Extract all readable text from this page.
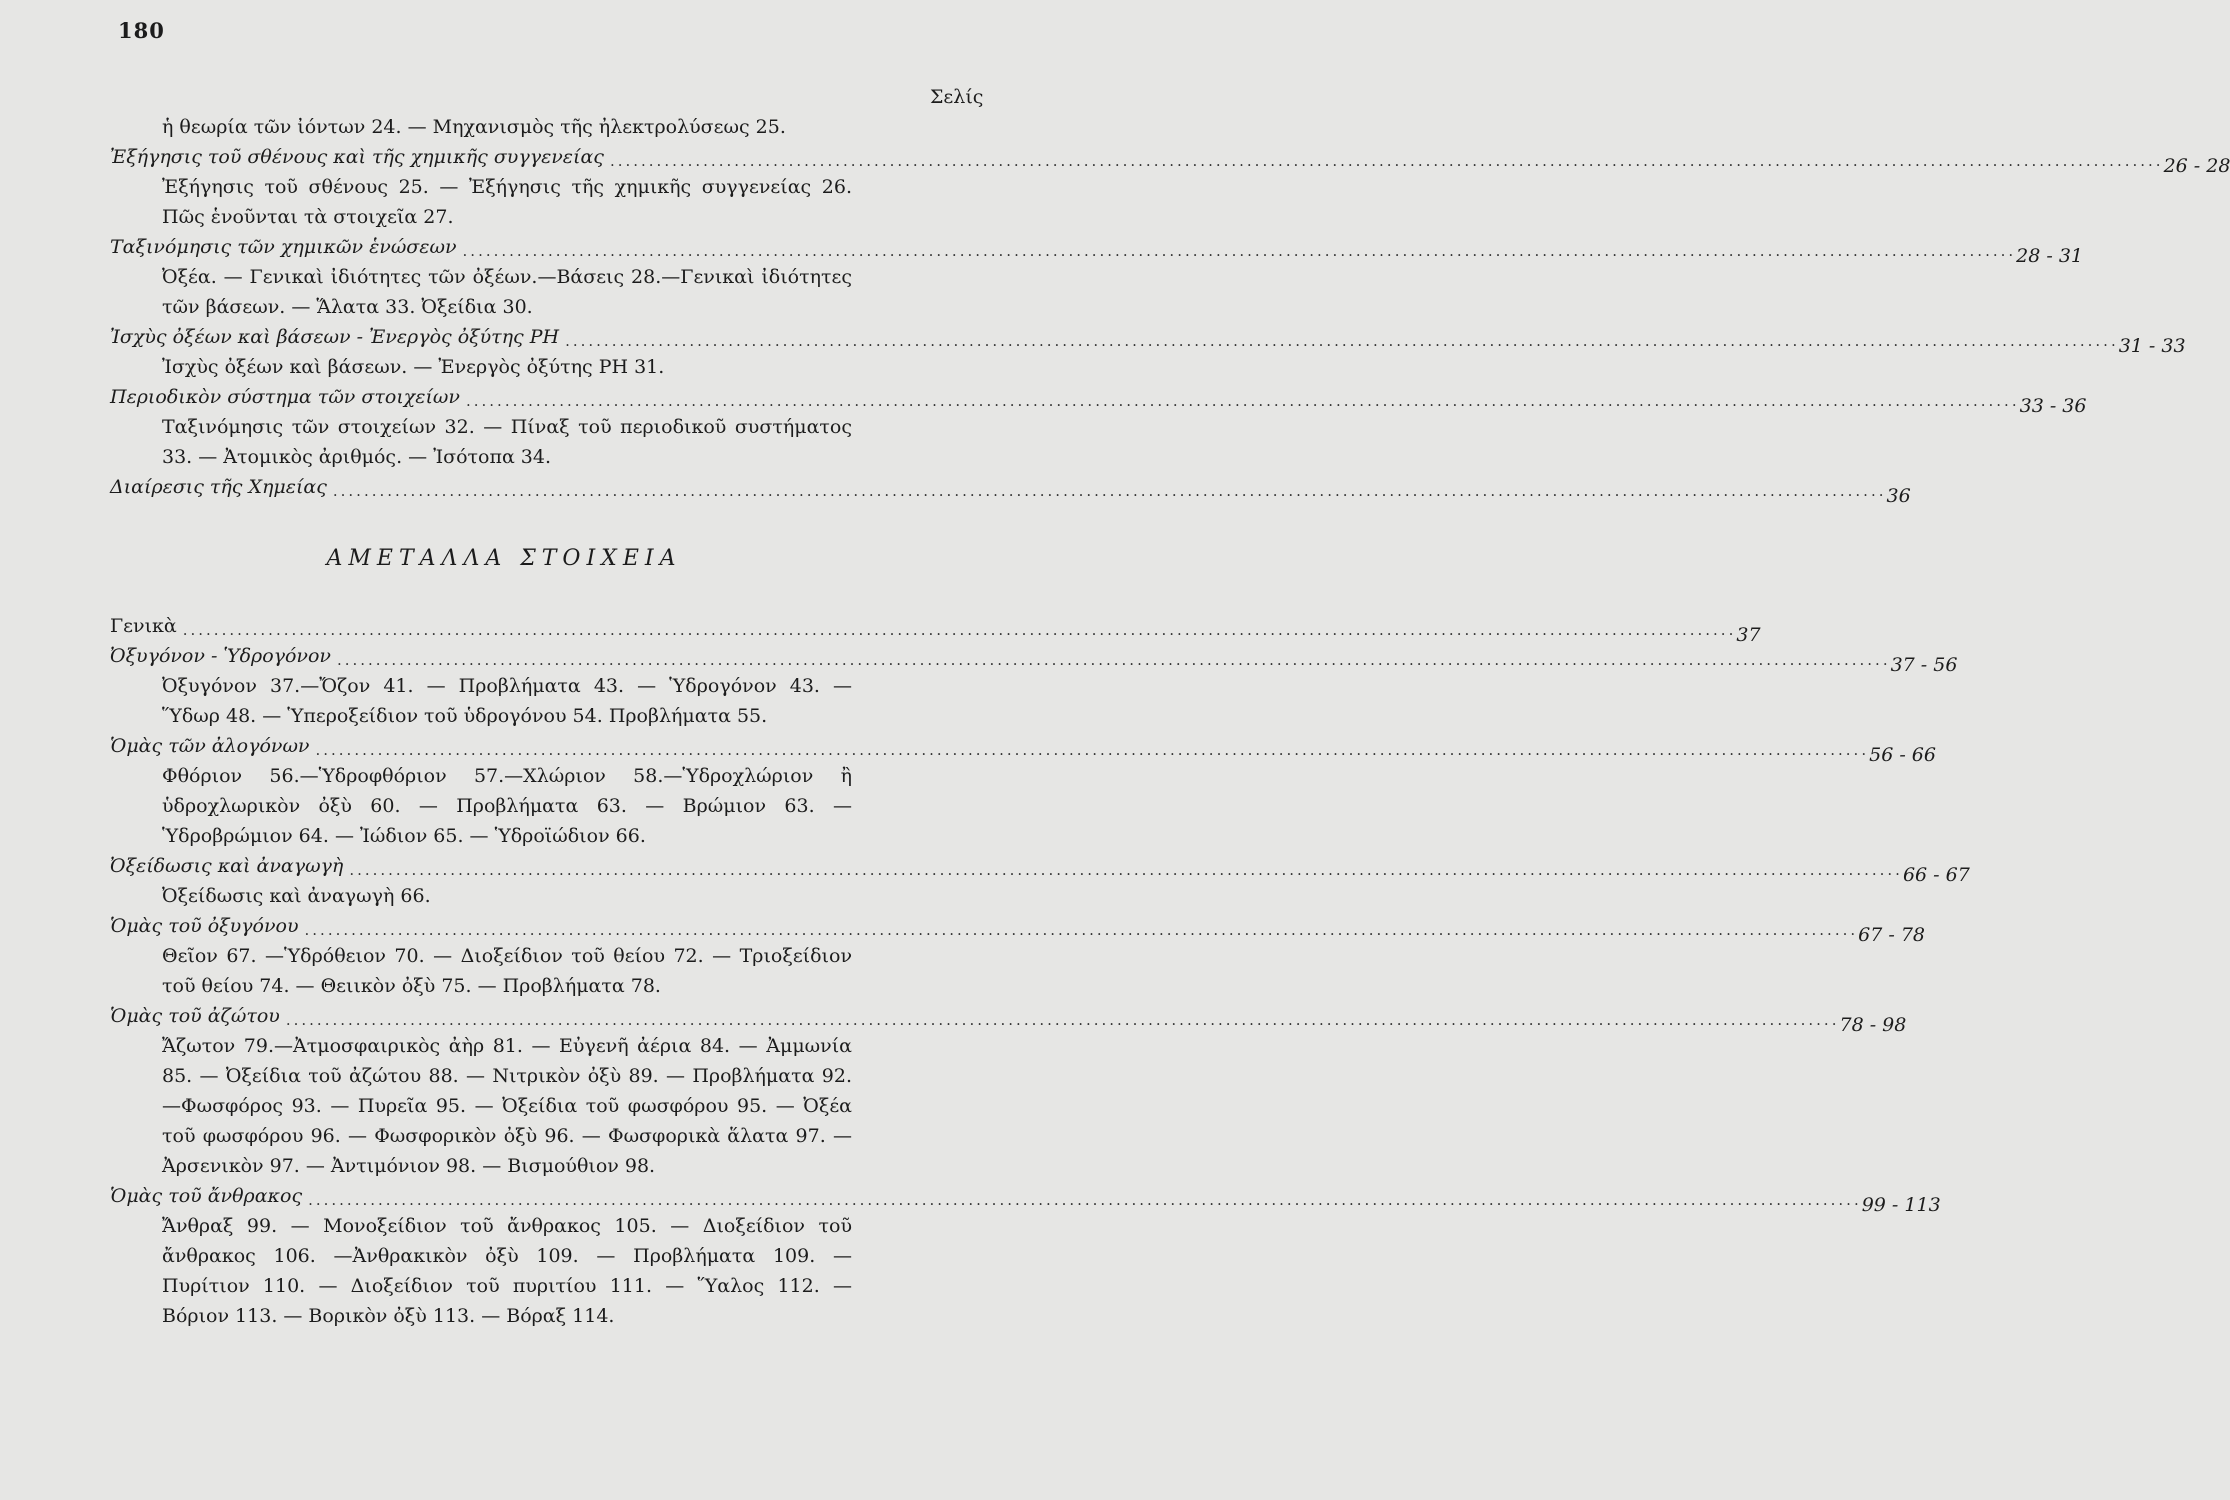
180
Σελίς
ἡ θεωρία τῶν ἰόντων 24. — Μηχανισμὸς τῆς ἠλεκτρολύσεως 25.
Ἐξήγησις τοῦ σθένους καὶ τῆς χημικῆς συγγενείας ........................................................................................................................................................................................................ 26 - 28
Ἐξήγησις τοῦ σθένους 25. — Ἐξήγησις τῆς χημικῆς συγγενείας 26. Πῶς ἑνοῦνται τὰ στοιχεῖα 27.
Ταξινόμησις τῶν χημικῶν ἑνώσεων ........................................................................................................................................................................................................ 28 - 31
Ὀξέα. — Γενικαὶ ἰδιότητες τῶν ὀξέων.—Βάσεις 28.—Γενικαὶ ἰδιότητες τῶν βάσεων. — Ἅλατα 33. Ὀξείδια 30.
Ἰσχὺς ὀξέων καὶ βάσεων - Ἐνεργὸς ὀξύτης PH ........................................................................................................................................................................................................ 31 - 33
Ἰσχὺς ὀξέων καὶ βάσεων. — Ἐνεργὸς ὀξύτης PH 31.
Περιοδικὸν σύστημα τῶν στοιχείων ........................................................................................................................................................................................................ 33 - 36
Ταξινόμησις τῶν στοιχείων 32. — Πίναξ τοῦ περιοδικοῦ συστήματος 33. — Ἀτομικὸς ἀριθμός. — Ἰσότοπα 34.
Διαίρεσις τῆς Χημείας ........................................................................................................................................................................................................ 36
ΑΜΕΤΑΛΛΑ ΣΤΟΙΧΕΙΑ
Γενικὰ ........................................................................................................................................................................................................ 37
Ὀξυγόνον - Ὑδρογόνον ........................................................................................................................................................................................................ 37 - 56
Ὀξυγόνον 37.—Ὄζον 41. — Προβλήματα 43. — Ὑδρογόνον 43. — Ὕδωρ 48. — Ὑπεροξείδιον τοῦ ὑδρογόνου 54. Προβλήματα 55.
Ὁμὰς τῶν ἀλογόνων ........................................................................................................................................................................................................ 56 - 66
Φθόριον 56.—Ὑδροφθόριον 57.—Χλώριον 58.—Ὑδροχλώριον ἢ ὑδροχλωρικὸν ὀξὺ 60. — Προβλήματα 63. — Βρώμιον 63. — Ὑδροβρώμιον 64. — Ἰώδιον 65. — Ὑδροϊώδιον 66.
Ὀξείδωσις καὶ ἀναγωγὴ ........................................................................................................................................................................................................ 66 - 67
Ὀξείδωσις καὶ ἀναγωγὴ 66.
Ὁμὰς τοῦ ὀξυγόνου ........................................................................................................................................................................................................ 67 - 78
Θεῖον 67. —Ὑδρόθειον 70. — Διοξείδιον τοῦ θείου 72. — Τριοξείδιον τοῦ θείου 74. — Θειικὸν ὀξὺ 75. — Προβλήματα 78.
Ὁμὰς τοῦ ἀζώτου ........................................................................................................................................................................................................ 78 - 98
Ἄζωτον 79.—Ἀτμοσφαιρικὸς ἀὴρ 81. — Εὐγενῆ ἀέρια 84. — Ἀμμωνία 85. — Ὀξείδια τοῦ ἀζώτου 88. — Νιτρικὸν ὀξὺ 89. — Προβλήματα 92.—Φωσφόρος 93. — Πυρεῖα 95. — Ὀξείδια τοῦ φωσφόρου 95. — Ὀξέα τοῦ φωσφόρου 96. — Φωσφορικὸν ὀξὺ 96. — Φωσφορικὰ ἅλατα 97. — Ἀρσενικὸν 97. — Ἀντιμόνιον 98. — Βισμούθιον 98.
Ὁμὰς τοῦ ἄνθρακος ........................................................................................................................................................................................................ 99 - 113
Ἄνθραξ 99. — Μονοξείδιον τοῦ ἄνθρακος 105. — Διοξείδιον τοῦ ἄνθρακος 106. —Ἀνθρακικὸν ὀξὺ 109. — Προβλήματα 109. — Πυρίτιον 110. — Διοξείδιον τοῦ πυριτίου 111. — Ὕαλος 112. — Βόριον 113. — Βορικὸν ὀξὺ 113. — Βόραξ 114.
